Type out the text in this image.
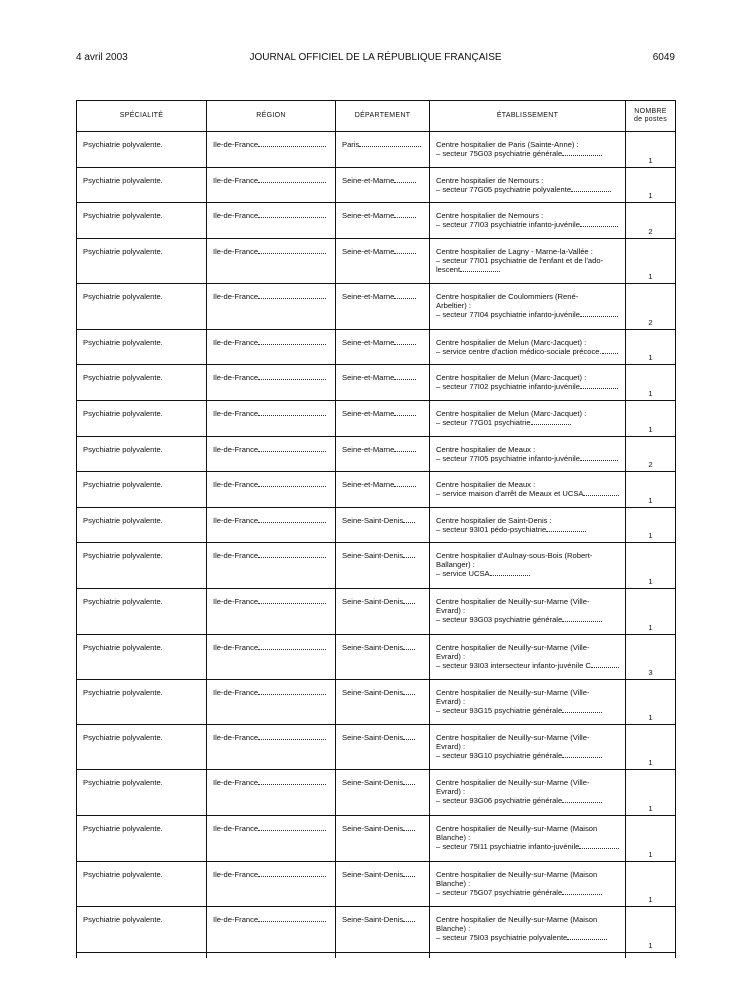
4 avril 2003	JOURNAL OFFICIEL DE LA RÉPUBLIQUE FRANÇAISE	6049
SPÉCIALITÉ	RÉGION	DÉPARTEMENT	ÉTABLISSEMENT	NOMBRE de postes
Psychiatrie polyvalente.	Ile-de-France	Paris	Centre hospitalier de Paris (Sainte-Anne) :
– secteur 75G03 psychiatrie générale	1

Psychiatrie polyvalente.	Ile-de-France	Seine-et-Marne	Centre hospitalier de Nemours :
– secteur 77G05 psychiatrie polyvalente	1

Psychiatrie polyvalente.	Ile-de-France	Seine-et-Marne	Centre hospitalier de Nemours :
– secteur 77I03 psychiatrie infanto-juvénile	2

Psychiatrie polyvalente.	Ile-de-France	Seine-et-Marne	Centre hospitalier de Lagny - Marne-la-Vallée :
– secteur 77I01 psychiatrie de l'enfant et de l'ado-
lescent	1

Psychiatrie polyvalente.	Ile-de-France	Seine-et-Marne	Centre hospitalier de Coulommiers (René-
Arbeltier) :
– secteur 77I04 psychiatrie infanto-juvénile	2

Psychiatrie polyvalente.	Ile-de-France	Seine-et-Marne	Centre hospitalier de Melun (Marc-Jacquet) :
– service centre d'action médico-sociale précoce.	1

Psychiatrie polyvalente.	Ile-de-France	Seine-et-Marne	Centre hospitalier de Melun (Marc-Jacquet) :
– secteur 77I02 psychiatrie infanto-juvénile	1

Psychiatrie polyvalente.	Ile-de-France	Seine-et-Marne	Centre hospitalier de Melun (Marc-Jacquet) :
– secteur 77G01 psychiatrie	1

Psychiatrie polyvalente.	Ile-de-France	Seine-et-Marne	Centre hospitalier de Meaux :
– secteur 77I05 psychiatrie infanto-juvénile	2

Psychiatrie polyvalente.	Ile-de-France	Seine-et-Marne	Centre hospitalier de Meaux :
– service maison d'arrêt de Meaux et UCSA	1

Psychiatrie polyvalente.	Ile-de-France	Seine-Saint-Denis	Centre hospitalier de Saint-Denis :
– secteur 93I01 pédo-psychiatrie	1

Psychiatrie polyvalente.	Ile-de-France	Seine-Saint-Denis	Centre hospitalier d'Aulnay-sous-Bois (Robert-
Ballanger) :
– service UCSA	1

Psychiatrie polyvalente.	Ile-de-France	Seine-Saint-Denis	Centre hospitalier de Neuilly-sur-Marne (Ville-
Evrard) :
– secteur 93G03 psychiatrie générale	1

Psychiatrie polyvalente.	Ile-de-France	Seine-Saint-Denis	Centre hospitalier de Neuilly-sur-Marne (Ville-
Evrard) :
– secteur 93I03 intersecteur infanto-juvénile C	3

Psychiatrie polyvalente.	Ile-de-France	Seine-Saint-Denis	Centre hospitalier de Neuilly-sur-Marne (Ville-
Evrard) :
– secteur 93G15 psychiatrie générale	1

Psychiatrie polyvalente.	Ile-de-France	Seine-Saint-Denis	Centre hospitalier de Neuilly-sur-Marne (Ville-
Evrard) :
– secteur 93G10 psychiatrie générale	1

Psychiatrie polyvalente.	Ile-de-France	Seine-Saint-Denis	Centre hospitalier de Neuilly-sur-Marne (Ville-
Evrard) :
– secteur 93G06 psychiatrie générale	1

Psychiatrie polyvalente.	Ile-de-France	Seine-Saint-Denis	Centre hospitalier de Neuilly-sur-Marne (Maison
Blanche) :
– secteur 75I11 psychiatrie infanto-juvénile	1

Psychiatrie polyvalente.	Ile-de-France	Seine-Saint-Denis	Centre hospitalier de Neuilly-sur-Marne (Maison
Blanche) :
– secteur 75G07 psychiatrie générale	1

Psychiatrie polyvalente.	Ile-de-France	Seine-Saint-Denis	Centre hospitalier de Neuilly-sur-Marne (Maison
Blanche) :
– secteur 75I03 psychiatrie polyvalente	1
